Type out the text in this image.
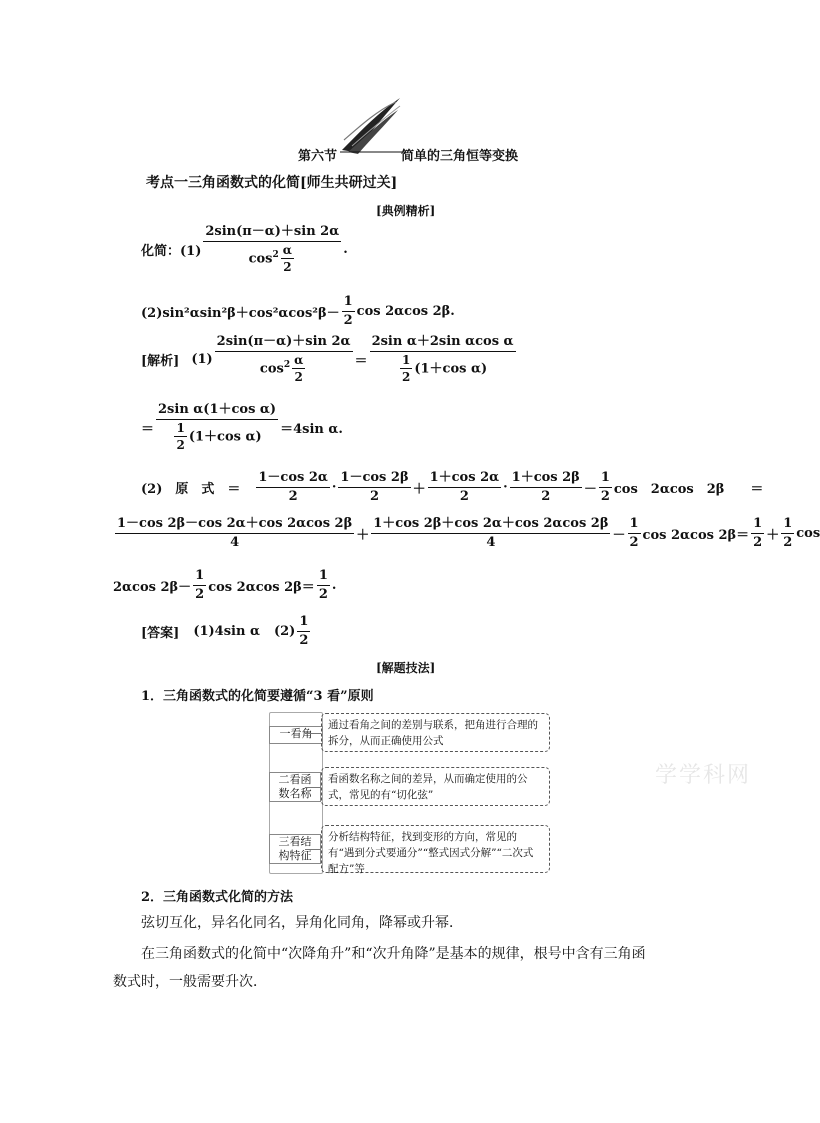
第六节	简单的三角恒等变换
考点一三角函数式的化简[师生共研过关]
[典例精析]
化简：$(1) \frac{2\sin(\pi-\alpha)+\sin 2\alpha}{\cos^2 \frac{\alpha}{2}}$ .
$(2)\sin^2\alpha\sin^2\beta+\cos^2\alpha\cos^2\beta- \frac{1}{2}$ cos 2αcos 2β.
[解析] $(1) \frac{2\sin(\pi-\alpha)+\sin 2\alpha}{\cos^2 \frac{\alpha}{2}} = \frac{\text{2sin α＋2sin αcos α}}{\frac{1}{2} (1+\cos \alpha)}$
＝ $\frac{\text{2sin α(1＋cos α)}}{\frac{1}{2} (1+\cos \alpha)} =4\sin$ α.
(2)　原　式　＝ $\frac{1-\cos 2\alpha}{2} \cdot \frac{1-\cos 2\beta}{2} + \frac{1+\cos 2\alpha}{2} \cdot \frac{1+\cos 2\beta}{2} - \frac{1}{2}$ cos　2αcos　2β　　＝
$\frac{1-\cos 2\beta-\cos 2\alpha+\cos 2\alpha\cos 2\beta}{4} + \frac{1+\cos 2\beta+\cos 2\alpha+\cos 2\alpha\cos 2\beta}{4} - \frac{1}{2}$ cos 2αcos $2\beta= \frac{1}{2} + \frac{1}{2}$ cos
2αcos $2\beta- \frac{1}{2}$ cos 2αcos $2\beta= \frac{1}{2}$ .
[答案] (1)4sin α $(2) \frac{1}{2}$
[解题技法]
1．三角函数式的化简要遵循“3 看”原则
一看角
通过看角之间的差别与联系，把角进行合理的拆分，从而正确使用公式
二看函数名称
看函数名称之间的差异，从而确定使用的公式，常见的有“切化弦”
三看结构特征
分析结构特征，找到变形的方向，常见的有“遇到分式要通分”“整式因式分解”“二次式配方”等
学学科网
2．三角函数式化简的方法
弦切互化，异名化同名，异角化同角，降幂或升幂．
在三角函数式的化简中“次降角升”和“次升角降”是基本的规律，根号中含有三角函
数式时，一般需要升次．
